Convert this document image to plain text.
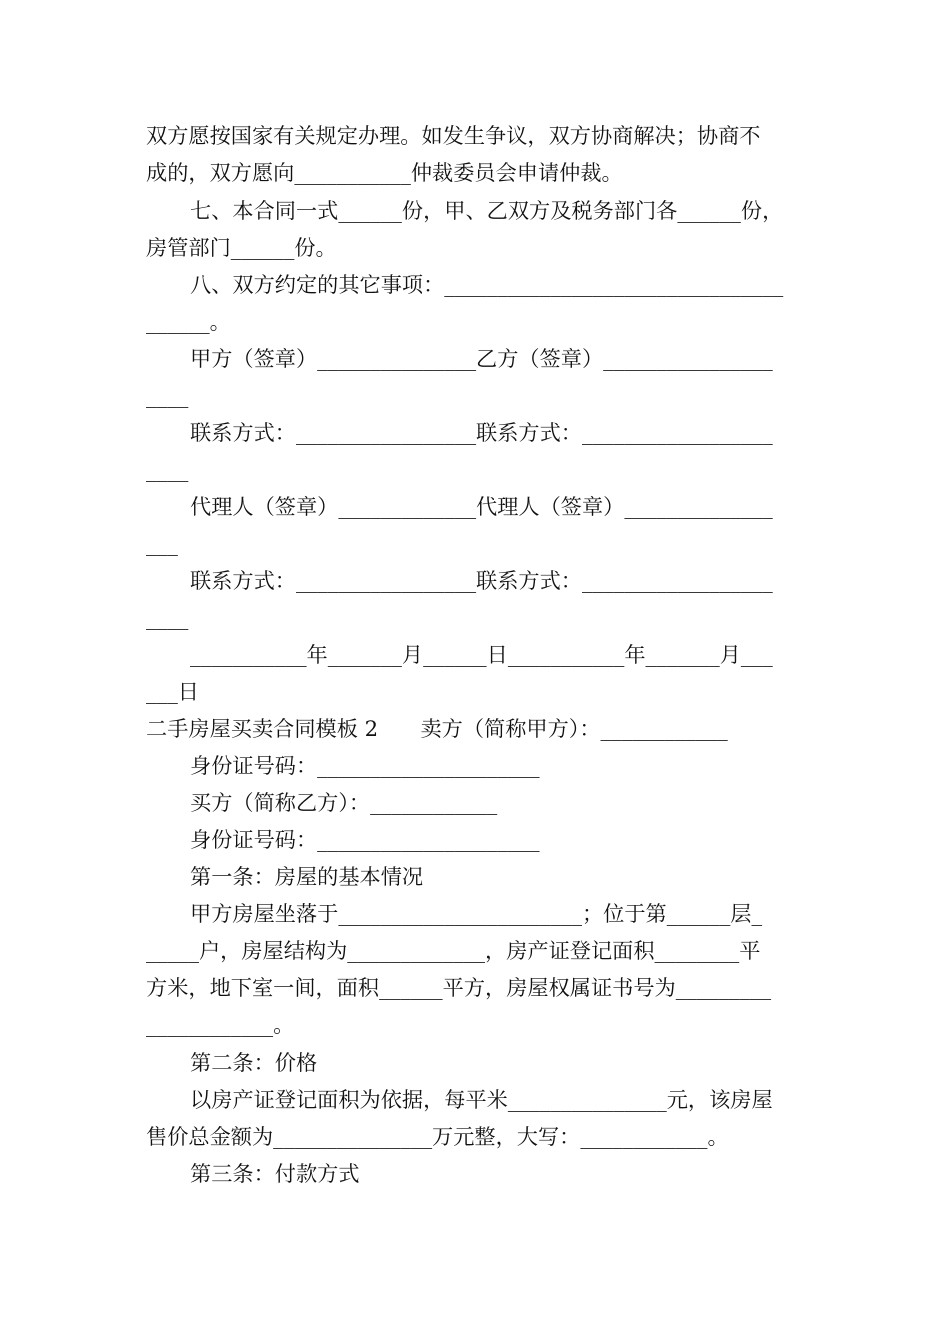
双方愿按国家有关规定办理。如发生争议，双方协商解决；协商不
成的，双方愿向___________仲裁委员会申请仲裁。
七、本合同一式______份，甲、乙双方及税务部门各______份，
房管部门______份。
八、双方约定的其它事项：________________________________
______。
甲方（签章）_______________乙方（签章）________________
____
联系方式：_________________联系方式：__________________
____
代理人（签章）_____________代理人（签章）______________
___
联系方式：_________________联系方式：__________________
____
___________年_______月______日___________年_______月___
___日
二手房屋买卖合同模板 2　　卖方（简称甲方）：____________
身份证号码：_____________________
买方（简称乙方）：____________
身份证号码：_____________________
第一条：房屋的基本情况
甲方房屋坐落于_______________________；位于第______层_
_____户，房屋结构为_____________，房产证登记面积________平
方米，地下室一间，面积______平方，房屋权属证书号为_________
____________。
第二条：价格
以房产证登记面积为依据，每平米_______________元，该房屋
售价总金额为_______________万元整，大写：____________。
第三条：付款方式
